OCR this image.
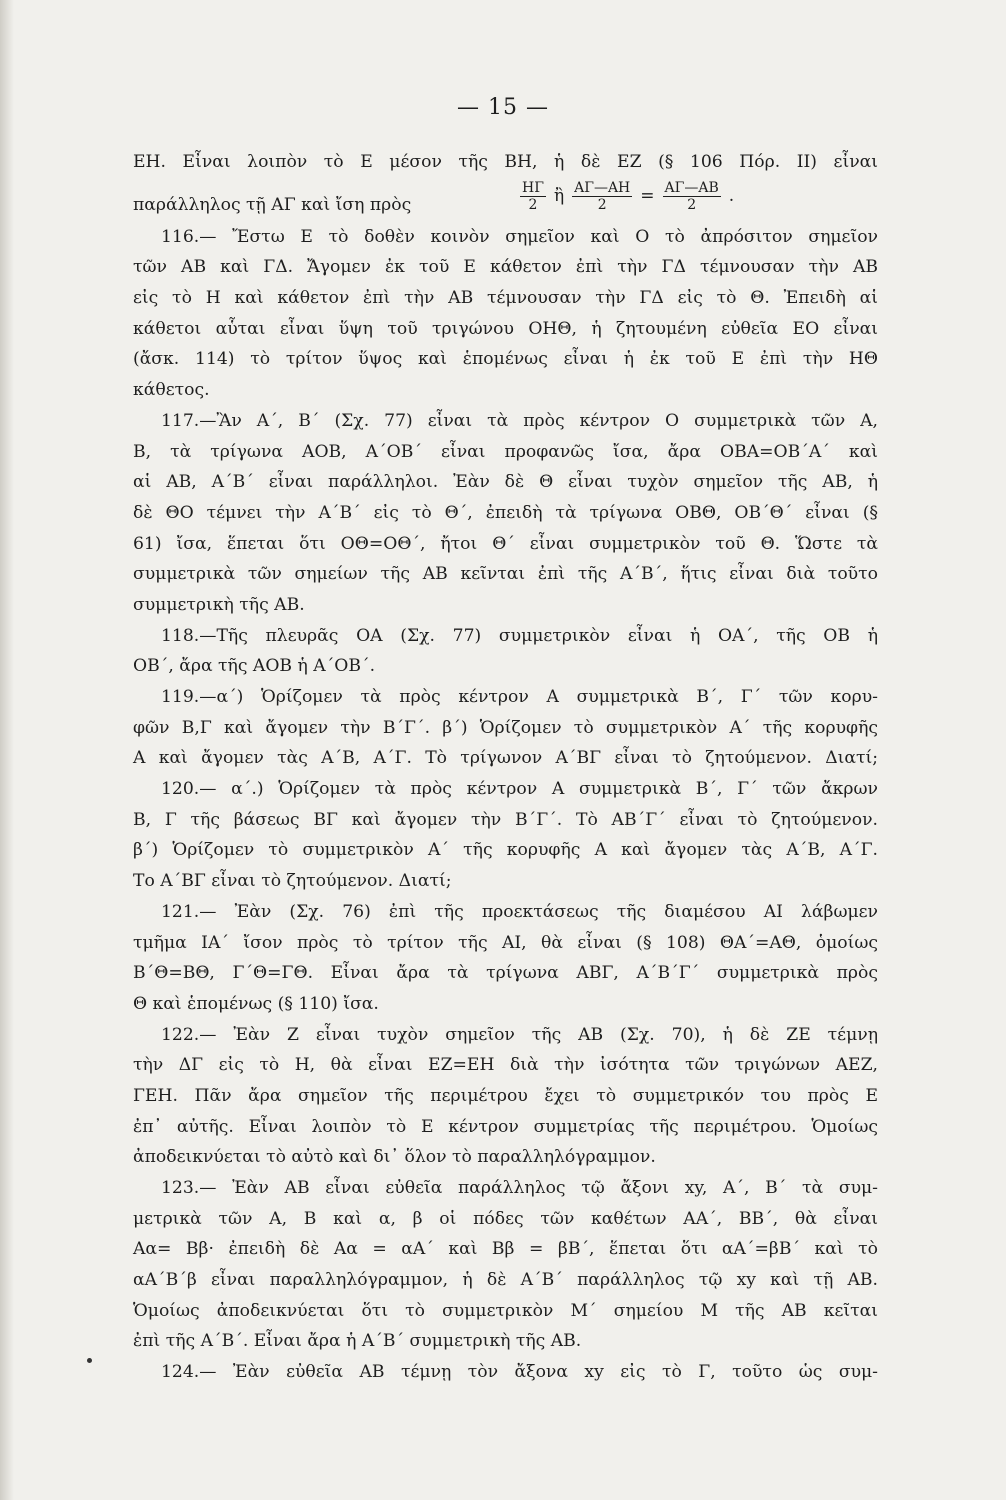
— 15 —
ΕΗ. Εἶναι λοιπὸν τὸ Ε μέσον τῆς ΒΗ, ἡ δὲ ΕΖ (§ 106 Πόρ. ΙΙ) εἶναι
παράλληλος τῇ ΑΓ καὶ ἴση πρὸς	$\frac{H\Gamma}{2}$ ἢ $\frac{A\Gamma—AH}{2} = \frac{A\Gamma—AB}{2}$ .
116.— Ἔστω Ε τὸ δοθὲν κοινὸν σημεῖον καὶ Ο τὸ ἀπρόσιτον σημεῖον
τῶν ΑΒ καὶ ΓΔ. Ἄγομεν ἐκ τοῦ Ε κάθετον ἐπὶ τὴν ΓΔ τέμνουσαν τὴν ΑΒ
εἰς τὸ Η καὶ κάθετον ἐπὶ τὴν ΑΒ τέμνουσαν τὴν ΓΔ εἰς τὸ Θ. Ἐπειδὴ αἱ
κάθετοι αὗται εἶναι ὕψη τοῦ τριγώνου ΟΗΘ, ἡ ζητουμένη εὐθεῖα ΕΟ εἶναι
(ἄσκ. 114) τὸ τρίτον ὕψος καὶ ἑπομένως εἶναι ἡ ἐκ τοῦ Ε ἐπὶ τὴν ΗΘ
κάθετος.
117.—Ἂν Α΄, Β΄ (Σχ. 77) εἶναι τὰ πρὸς κέντρον Ο συμμετρικὰ τῶν Α,
Β, τὰ τρίγωνα ΑΟΒ, Α΄ΟΒ΄ εἶναι προφανῶς ἴσα, ἄρα ΟΒΑ=ΟΒ΄Α΄ καὶ
αἱ ΑΒ, Α΄Β΄ εἶναι παράλληλοι. Ἐὰν δὲ Θ εἶναι τυχὸν σημεῖον τῆς ΑΒ, ἡ
δὲ ΘΟ τέμνει τὴν Α΄Β΄ εἰς τὸ Θ΄, ἐπειδὴ τὰ τρίγωνα ΟΒΘ, ΟΒ΄Θ΄ εἶναι (§
61) ἴσα, ἕπεται ὅτι ΟΘ=ΟΘ΄, ἤτοι Θ΄ εἶναι συμμετρικὸν τοῦ Θ. Ὥστε τὰ
συμμετρικὰ τῶν σημείων τῆς ΑΒ κεῖνται ἐπὶ τῆς Α΄Β΄, ἥτις εἶναι διὰ τοῦτο
συμμετρικὴ τῆς ΑΒ.
118.—Τῆς πλευρᾶς ΟΑ (Σχ. 77) συμμετρικὸν εἶναι ἡ ΟΑ΄, τῆς ΟΒ ἡ
ΟΒ΄, ἄρα τῆς ΑΟΒ ἡ Α΄ΟΒ΄.
119.—α΄) Ὁρίζομεν τὰ πρὸς κέντρον Α συμμετρικὰ Β΄, Γ΄ τῶν κορυ-
φῶν Β,Γ καὶ ἄγομεν τὴν Β΄Γ΄. β΄) Ὁρίζομεν τὸ συμμετρικὸν Α΄ τῆς κορυφῆς
Α καὶ ἄγομεν τὰς Α΄Β, Α΄Γ. Τὸ τρίγωνον Α΄ΒΓ εἶναι τὸ ζητούμενον. Διατί;
120.— α΄.) Ὁρίζομεν τὰ πρὸς κέντρον Α συμμετρικὰ Β΄, Γ΄ τῶν ἄκρων
Β, Γ τῆς βάσεως ΒΓ καὶ ἄγομεν τὴν Β΄Γ΄. Τὸ ΑΒ΄Γ΄ εἶναι τὸ ζητούμενον.
β΄) Ὁρίζομεν τὸ συμμετρικὸν Α΄ τῆς κορυφῆς Α καὶ ἄγομεν τὰς Α΄Β, Α΄Γ.
Το Α΄ΒΓ εἶναι τὸ ζητούμενον. Διατί;
121.— Ἐὰν (Σχ. 76) ἐπὶ τῆς προεκτάσεως τῆς διαμέσου ΑΙ λάβωμεν
τμῆμα ΙΑ΄ ἴσον πρὸς τὸ τρίτον τῆς ΑΙ, θὰ εἶναι (§ 108) ΘΑ΄=ΑΘ, ὁμοίως
Β΄Θ=ΒΘ, Γ΄Θ=ΓΘ. Εἶναι ἄρα τὰ τρίγωνα ΑΒΓ, Α΄Β΄Γ΄ συμμετρικὰ πρὸς
Θ καὶ ἑπομένως (§ 110) ἴσα.
122.— Ἐὰν Ζ εἶναι τυχὸν σημεῖον τῆς ΑΒ (Σχ. 70), ἡ δὲ ΖΕ τέμνῃ
τὴν ΔΓ εἰς τὸ Η, θὰ εἶναι ΕΖ=ΕΗ διὰ τὴν ἰσότητα τῶν τριγώνων ΑΕΖ,
ΓΕΗ. Πᾶν ἄρα σημεῖον τῆς περιμέτρου ἔχει τὸ συμμετρικόν του πρὸς Ε
ἐπ᾿ αὐτῆς. Εἶναι λοιπὸν τὸ Ε κέντρον συμμετρίας τῆς περιμέτρου. Ὁμοίως
ἀποδεικνύεται τὸ αὐτὸ καὶ δι᾿ ὅλον τὸ παραλληλόγραμμον.
123.— Ἐὰν ΑΒ εἶναι εὐθεῖα παράλληλος τῷ ἄξονι xy, Α΄, Β΄ τὰ συμ-
μετρικὰ τῶν Α, Β καὶ α, β οἱ πόδες τῶν καθέτων ΑΑ΄, ΒΒ΄, θὰ εἶναι
Αα= Ββ· ἐπειδὴ δὲ Αα = αΑ΄ καὶ Ββ = βΒ΄, ἕπεται ὅτι αΑ΄=βΒ΄ καὶ τὸ
αΑ΄Β΄β εἶναι παραλληλόγραμμον, ἡ δὲ Α΄Β΄ παράλληλος τῷ xy καὶ τῇ ΑΒ.
Ὁμοίως ἀποδεικνύεται ὅτι τὸ συμμετρικὸν Μ΄ σημείου Μ τῆς ΑΒ κεῖται
ἐπὶ τῆς Α΄Β΄. Εἶναι ἄρα ἡ Α΄Β΄ συμμετρικὴ τῆς ΑΒ.
124.— Ἐὰν εὐθεῖα ΑΒ τέμνῃ τὸν ἄξονα xy εἰς τὸ Γ, τοῦτο ὡς συμ-
